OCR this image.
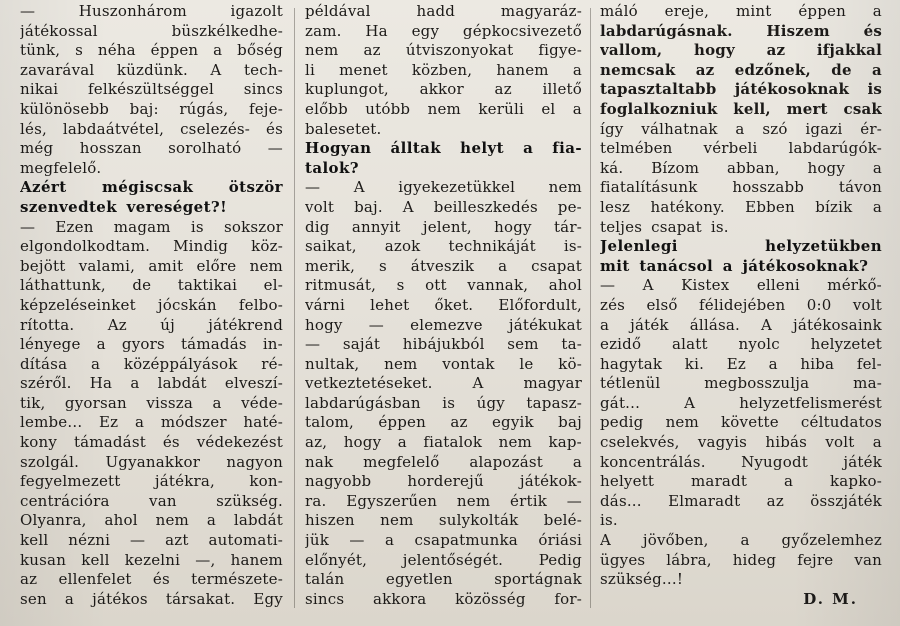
—	Huszonhárom	igazolt
játékossal	büszkélkedhe-
tünk, s néha éppen a bőség
zavarával küzdünk. A tech-
nikai felkészültséggel sincs
különösebb baj: rúgás, feje-
lés, labdaátvétel, cselezés- és
még hosszan sorolható —
megfelelő.
Azért mégiscsak ötször
szenvedtek vereséget?!
— Ezen magam is sokszor
elgondolkodtam. Mindig köz-
bejött valami, amit előre nem
láthattunk, de taktikai el-
képzeléseinket jócskán felbo-
rította. Az új játékrend
lényege a gyors támadás in-
dítása a középpályások ré-
széről. Ha a labdát elveszí-
tik, gyorsan vissza a véde-
lembe... Ez a módszer haté-
kony támadást és védekezést
szolgál. Ugyanakkor nagyon
fegyelmezett játékra, kon-
centrációra	van	szükség.
Olyanra, ahol nem a labdát
kell nézni — azt automati-
kusan kell kezelni —, hanem
az ellenfelet és természete-
sen a játékos társakat. Egy
példával	hadd	magyaráz-
zam. Ha egy gépkocsivezető
nem az útviszonyokat figye-
li menet közben, hanem a
kuplungot, akkor az illető
előbb utóbb nem kerüli el a
balesetet.
Hogyan álltak helyt a fia-
talok?
— A igyekezetükkel nem
volt baj. A beilleszkedés pe-
dig annyit jelent, hogy tár-
saikat, azok technikáját is-
merik, s átveszik a csapat
ritmusát, s ott vannak, ahol
várni lehet őket. Előfordult,
hogy — elemezve játékukat
— saját hibájukból sem ta-
nultak, nem vontak le kö-
vetkeztetéseket.	A	magyar
labdarúgásban is úgy tapasz-
talom, éppen az egyik baj
az, hogy a fiatalok nem kap-
nak megfelelő alapozást a
nagyobb horderejű játékok-
ra. Egyszerűen nem értik —
hiszen nem sulykolták belé-
jük — a csapatmunka óriási
előnyét, jelentőségét. Pedig
talán	egyetlen	sportágnak
sincs akkora közösség for-
máló ereje, mint éppen a
labdarúgásnak. Hiszem és
vallom, hogy az ifjakkal
nemcsak az edzőnek, de a
tapasztaltabb játékosoknak is
foglalkozniuk kell, mert csak
így válhatnak a szó igazi ér-
telmében vérbeli labdarúgók-
ká. Bízom abban, hogy a
fiatalításunk hosszabb távon
lesz hatékony. Ebben bízik a
teljes csapat is.
Jelenlegi	helyzetükben
mit tanácsol a játékosoknak?
— A Kistex elleni mérkő-
zés első félidejében 0:0 volt
a játék állása. A játékosaink
ezidő alatt nyolc helyzetet
hagytak ki. Ez a hiba fel-
tétlenül	megbosszulja	ma-
gát...	A	helyzetfelismerést
pedig nem követte céltudatos
cselekvés, vagyis hibás volt a
koncentrálás. Nyugodt játék
helyett maradt a kapko-
dás... Elmaradt az összjáték
is.
A jövőben, a győzelemhez
ügyes lábra, hideg fejre van
szükség...!
D. M.
